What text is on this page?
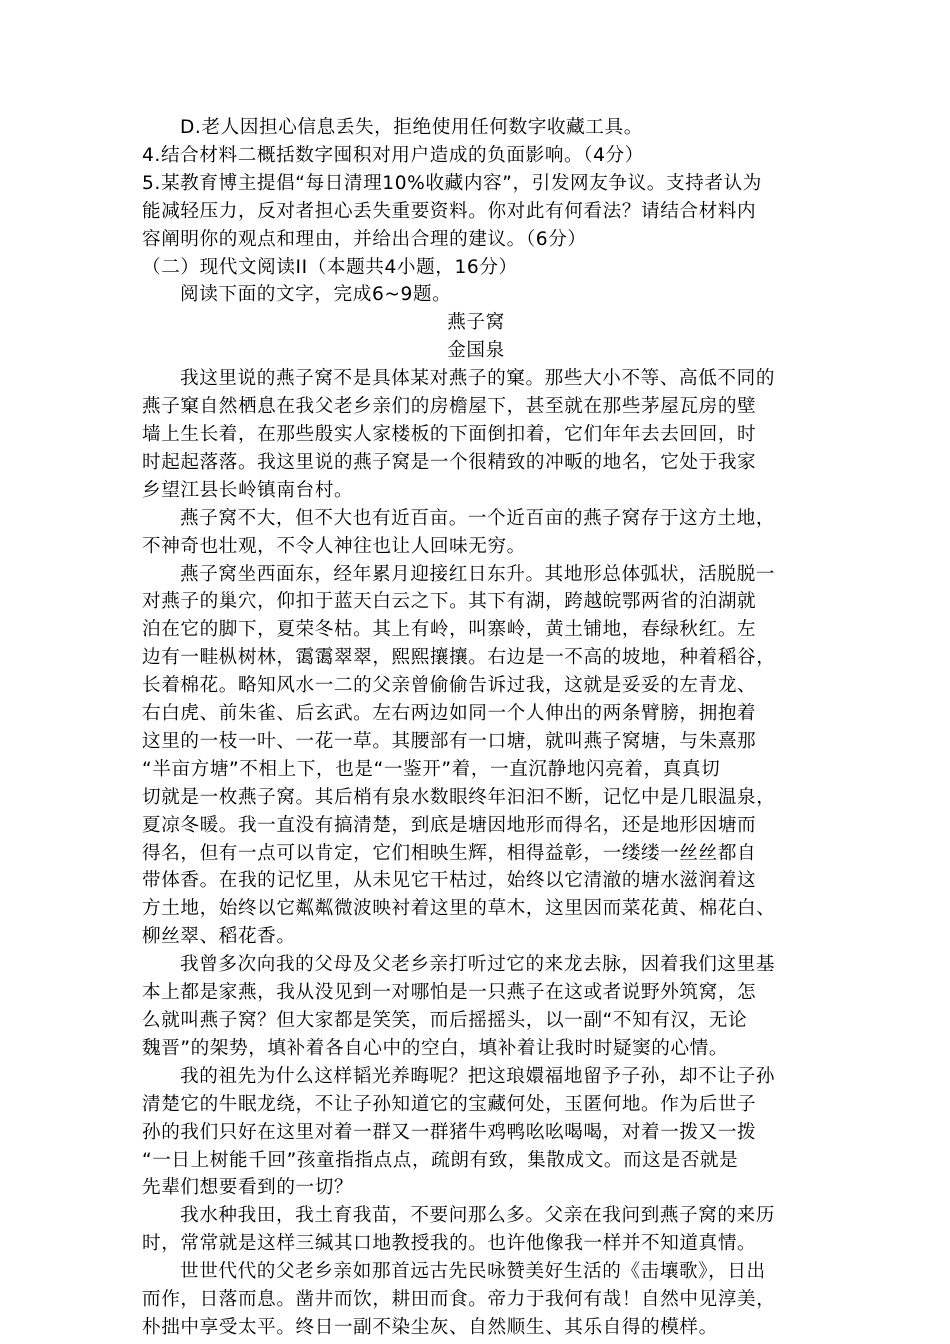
D.老人因担心信息丢失，拒绝使用任何数字收藏工具。
4.结合材料二概括数字囤积对用户造成的负面影响。（4分）
5.某教育博主提倡“每日清理10%收藏内容”，引发网友争议。支持者认为
能减轻压力，反对者担心丢失重要资料。你对此有何看法？请结合材料内
容阐明你的观点和理由，并给出合理的建议。（6分）
（二）现代文阅读II（本题共4小题，16分）
阅读下面的文字，完成6~9题。
燕子窝
金国泉
我这里说的燕子窝不是具体某对燕子的窠。那些大小不等、高低不同的
燕子窠自然栖息在我父老乡亲们的房檐屋下，甚至就在那些茅屋瓦房的壁
墙上生长着，在那些殷实人家楼板的下面倒扣着，它们年年去去回回，时
时起起落落。我这里说的燕子窝是一个很精致的冲畈的地名，它处于我家
乡望江县长岭镇南台村。
燕子窝不大，但不大也有近百亩。一个近百亩的燕子窝存于这方土地，
不神奇也壮观，不令人神往也让人回味无穷。
燕子窝坐西面东，经年累月迎接红日东升。其地形总体弧状，活脱脱一
对燕子的巢穴，仰扣于蓝天白云之下。其下有湖，跨越皖鄂两省的泊湖就
泊在它的脚下，夏荣冬枯。其上有岭，叫寨岭，黄土铺地，春绿秋红。左
边有一畦枞树林，霭霭翠翠，熙熙攘攘。右边是一不高的坡地，种着稻谷，
长着棉花。略知风水一二的父亲曾偷偷告诉过我，这就是妥妥的左青龙、
右白虎、前朱雀、后玄武。左右两边如同一个人伸出的两条臂膀，拥抱着
这里的一枝一叶、一花一草。其腰部有一口塘，就叫燕子窝塘，与朱熹那
“半亩方塘”不相上下，也是“一鉴开”着，一直沉静地闪亮着，真真切
切就是一枚燕子窝。其后梢有泉水数眼终年汩汩不断，记忆中是几眼温泉，
夏凉冬暖。我一直没有搞清楚，到底是塘因地形而得名，还是地形因塘而
得名，但有一点可以肯定，它们相映生辉，相得益彰，一缕缕一丝丝都自
带体香。在我的记忆里，从未见它干枯过，始终以它清澈的塘水滋润着这
方土地，始终以它粼粼微波映衬着这里的草木，这里因而菜花黄、棉花白、
柳丝翠、稻花香。
我曾多次向我的父母及父老乡亲打听过它的来龙去脉，因着我们这里基
本上都是家燕，我从没见到一对哪怕是一只燕子在这或者说野外筑窝，怎
么就叫燕子窝？但大家都是笑笑，而后摇摇头，以一副“不知有汉，无论
魏晋”的架势，填补着各自心中的空白，填补着让我时时疑窦的心情。
我的祖先为什么这样韬光养晦呢？把这琅嬛福地留予子孙，却不让子孙
清楚它的牛眠龙绕，不让子孙知道它的宝藏何处，玉匿何地。作为后世子
孙的我们只好在这里对着一群又一群猪牛鸡鸭吆吆喝喝，对着一拨又一拨
“一日上树能千回”孩童指指点点，疏朗有致，集散成文。而这是否就是
先辈们想要看到的一切？
我水种我田，我土育我苗，不要问那么多。父亲在我问到燕子窝的来历
时，常常就是这样三缄其口地教授我的。也许他像我一样并不知道真情。
世世代代的父老乡亲如那首远古先民咏赞美好生活的《击壤歌》，日出
而作，日落而息。凿井而饮，耕田而食。帝力于我何有哉！自然中见淳美，
朴拙中享受太平。终日一副不染尘灰、自然顺生、其乐自得的模样。
